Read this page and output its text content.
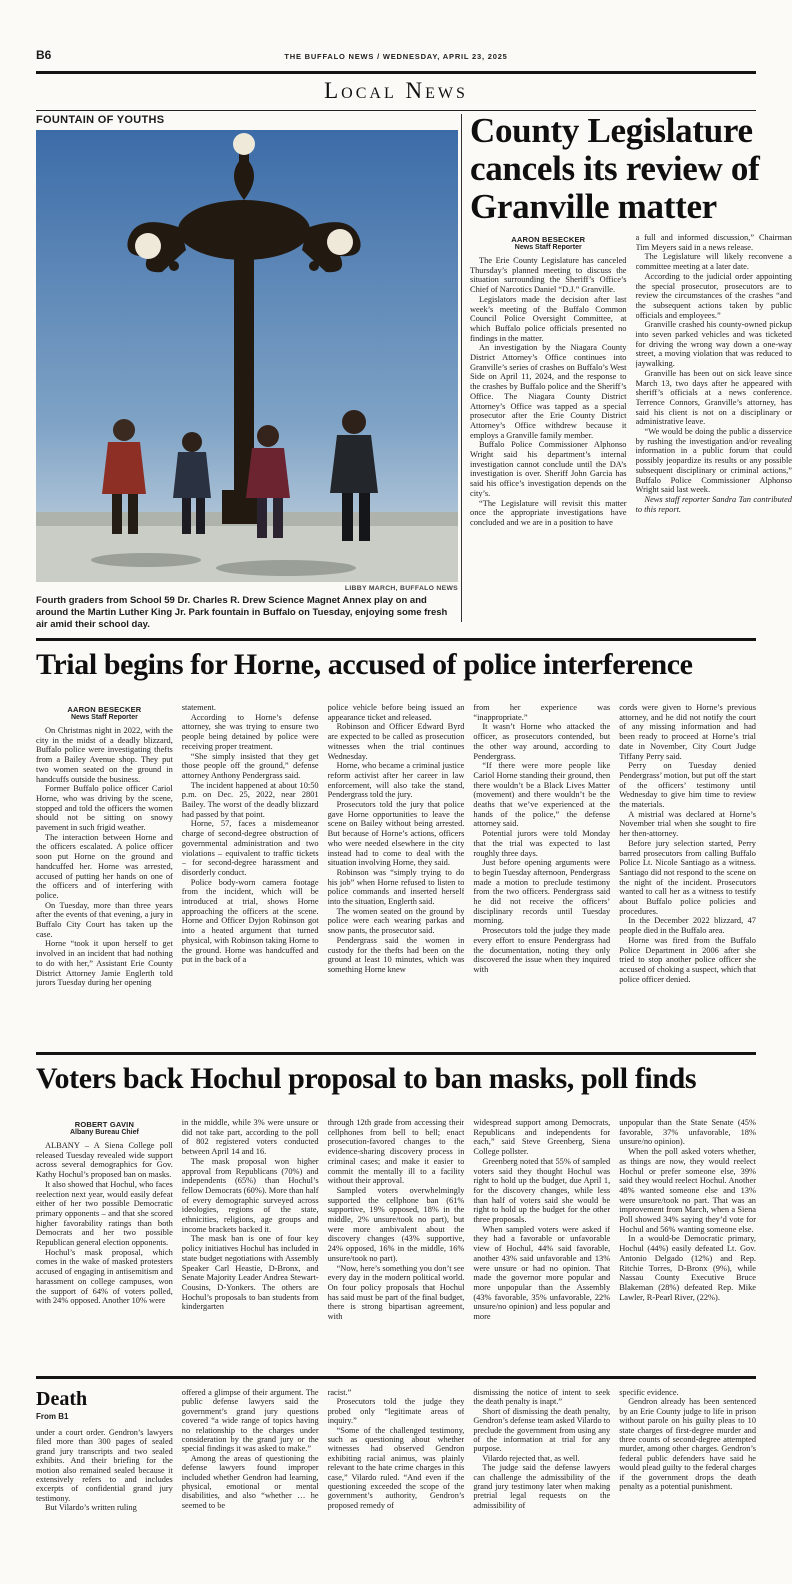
B6	THE BUFFALO NEWS / WEDNESDAY, APRIL 23, 2025
Local News
FOUNTAIN OF YOUTHS
LIBBY MARCH, BUFFALO NEWS
Fourth graders from School 59 Dr. Charles R. Drew Science Magnet Annex play on and around the Martin Luther King Jr. Park fountain in Buffalo on Tuesday, enjoying some fresh air amid their school day.
County Legislature cancels its review of Granville matter
AARON BESECKER
News Staff Reporter

The Erie County Legislature has canceled Thursday’s planned meeting to discuss the situation surrounding the Sheriff’s Office’s Chief of Narcotics Daniel “D.J.” Granville.

Legislators made the decision after last week’s meeting of the Buffalo Common Council Police Oversight Committee, at which Buffalo police officials presented no findings in the matter.

An investigation by the Niagara County District Attorney’s Office continues into Granville’s series of crashes on Buffalo’s West Side on April 11, 2024, and the response to the crashes by Buffalo police and the Sheriff’s Office. The Niagara County District Attorney’s Office was tapped as a special prosecutor after the Erie County District Attorney’s Office withdrew because it employs a Granville family member.

Buffalo Police Commissioner Alphonso Wright said his department’s internal investigation cannot conclude until the DA’s investigation is over. Sheriff John Garcia has said his office’s investigation depends on the city’s.

“The Legislature will revisit this matter once the appropriate investigations have concluded and we are in a position to have

a full and informed discussion,” Chairman Tim Meyers said in a news release.

The Legislature will likely reconvene a committee meeting at a later date.

According to the judicial order appointing the special prosecutor, prosecutors are to review the circumstances of the crashes “and the subsequent actions taken by public officials and employees.”

Granville crashed his county-owned pickup into seven parked vehicles and was ticketed for driving the wrong way down a one-way street, a moving violation that was reduced to jaywalking.

Granville has been out on sick leave since March 13, two days after he appeared with sheriff’s officials at a news conference. Terrence Connors, Granville’s attorney, has said his client is not on a disciplinary or administrative leave.

“We would be doing the public a disservice by rushing the investigation and/or revealing information in a public forum that could possibly jeopardize its results or any possible subsequent disciplinary or criminal actions,” Buffalo Police Commissioner Alphonso Wright said last week.

News staff reporter Sandra Tan contributed to this report.

Trial begins for Horne, accused of police interference
AARON BESECKER
News Staff Reporter

On Christmas night in 2022, with the city in the midst of a deadly blizzard, Buffalo police were investigating thefts from a Bailey Avenue shop. They put two women seated on the ground in handcuffs outside the business.

Former Buffalo police officer Cariol Horne, who was driving by the scene, stopped and told the officers the women should not be sitting on snowy pavement in such frigid weather.

The interaction between Horne and the officers escalated. A police officer soon put Horne on the ground and handcuffed her. Horne was arrested, accused of putting her hands on one of the officers and of interfering with police.

On Tuesday, more than three years after the events of that evening, a jury in Buffalo City Court has taken up the case.

Horne “took it upon herself to get involved in an incident that had nothing to do with her,” Assistant Erie County District Attorney Jamie Englerth told jurors Tuesday during her opening

statement.

According to Horne’s defense attorney, she was trying to ensure two people being detained by police were receiving proper treatment.

“She simply insisted that they get those people off the ground,” defense attorney Anthony Pendergrass said.

The incident happened at about 10:50 p.m. on Dec. 25, 2022, near 2801 Bailey. The worst of the deadly blizzard had passed by that point.

Horne, 57, faces a misdemeanor charge of second-degree obstruction of governmental administration and two violations – equivalent to traffic tickets – for second-degree harassment and disorderly conduct.

Police body-worn camera footage from the incident, which will be introduced at trial, shows Horne approaching the officers at the scene. Horne and Officer Dyjon Robinson got into a heated argument that turned physical, with Robinson taking Horne to the ground. Horne was handcuffed and put in the back of a

police vehicle before being issued an appearance ticket and released.

Robinson and Officer Edward Byrd are expected to be called as prosecution witnesses when the trial continues Wednesday.

Horne, who became a criminal justice reform activist after her career in law enforcement, will also take the stand, Pendergrass told the jury.

Prosecutors told the jury that police gave Horne opportunities to leave the scene on Bailey without being arrested. But because of Horne’s actions, officers who were needed elsewhere in the city instead had to come to deal with the situation involving Horne, they said.

Robinson was “simply trying to do his job” when Horne refused to listen to police commands and inserted herself into the situation, Englerth said.

The women seated on the ground by police were each wearing parkas and snow pants, the prosecutor said.

Pendergrass said the women in custody for the thefts had been on the ground at least 10 minutes, which was something Horne knew

from her experience was “inappropriate.”

It wasn’t Horne who attacked the officer, as prosecutors contended, but the other way around, according to Pendergrass.

“If there were more people like Cariol Horne standing their ground, then there wouldn’t be a Black Lives Matter (movement) and there wouldn’t be the deaths that we’ve experienced at the hands of the police,” the defense attorney said.

Potential jurors were told Monday that the trial was expected to last roughly three days.

Just before opening arguments were to begin Tuesday afternoon, Pendergrass made a motion to preclude testimony from the two officers. Pendergrass said he did not receive the officers’ disciplinary records until Tuesday morning.

Prosecutors told the judge they made every effort to ensure Pendergrass had the documentation, noting they only discovered the issue when they inquired with

cords were given to Horne’s previous attorney, and he did not notify the court of any missing information and had been ready to proceed at Horne’s trial date in November, City Court Judge Tiffany Perry said.

Perry on Tuesday denied Pendergrass’ motion, but put off the start of the officers’ testimony until Wednesday to give him time to review the materials.

A mistrial was declared at Horne’s November trial when she sought to fire her then-attorney.

Before jury selection started, Perry barred prosecutors from calling Buffalo Police Lt. Nicole Santiago as a witness. Santiago did not respond to the scene on the night of the incident. Prosecutors wanted to call her as a witness to testify about Buffalo police policies and procedures.

In the December 2022 blizzard, 47 people died in the Buffalo area.

Horne was fired from the Buffalo Police Department in 2006 after she tried to stop another police officer she accused of choking a suspect, which that police officer denied.

Voters back Hochul proposal to ban masks, poll finds
ROBERT GAVIN
Albany Bureau Chief

ALBANY – A Siena College poll released Tuesday revealed wide support across several demographics for Gov. Kathy Hochul’s proposed ban on masks.

It also showed that Hochul, who faces reelection next year, would easily defeat either of her two possible Democratic primary opponents – and that she scored higher favorability ratings than both Democrats and her two possible Republican general election opponents.

Hochul’s mask proposal, which comes in the wake of masked protesters accused of engaging in antisemitism and harassment on college campuses, won the support of 64% of voters polled, with 24% opposed. Another 10% were

in the middle, while 3% were unsure or did not take part, according to the poll of 802 registered voters conducted between April 14 and 16.

The mask proposal won higher approval from Republicans (70%) and independents (65%) than Hochul’s fellow Democrats (60%). More than half of every demographic surveyed across ideologies, regions of the state, ethnicities, religions, age groups and income brackets backed it.

The mask ban is one of four key policy initiatives Hochul has included in state budget negotiations with Assembly Speaker Carl Heastie, D-Bronx, and Senate Majority Leader Andrea Stewart-Cousins, D-Yonkers. The others are Hochul’s proposals to ban students from kindergarten

through 12th grade from accessing their cellphones from bell to bell; enact prosecution-favored changes to the evidence-sharing discovery process in criminal cases; and make it easier to commit the mentally ill to a facility without their approval.

Sampled voters overwhelmingly supported the cellphone ban (61% supportive, 19% opposed, 18% in the middle, 2% unsure/took no part), but were more ambivalent about the discovery changes (43% supportive, 24% opposed, 16% in the middle, 16% unsure/took no part).

“Now, here’s something you don’t see every day in the modern political world. On four policy proposals that Hochul has said must be part of the final budget, there is strong bipartisan agreement, with

widespread support among Democrats, Republicans and independents for each,” said Steve Greenberg, Siena College pollster.

Greenberg noted that 55% of sampled voters said they thought Hochul was right to hold up the budget, due April 1, for the discovery changes, while less than half of voters said she would be right to hold up the budget for the other three proposals.

When sampled voters were asked if they had a favorable or unfavorable view of Hochul, 44% said favorable, another 43% said unfavorable and 13% were unsure or had no opinion. That made the governor more popular and more unpopular than the Assembly (43% favorable, 35% unfavorable, 22% unsure/no opinion) and less popular and more

unpopular than the State Senate (45% favorable, 37% unfavorable, 18% unsure/no opinion).

When the poll asked voters whether, as things are now, they would reelect Hochul or prefer someone else, 39% said they would reelect Hochul. Another 48% wanted someone else and 13% were unsure/took no part. That was an improvement from March, when a Siena Poll showed 34% saying they’d vote for Hochul and 56% wanting someone else.

In a would-be Democratic primary, Hochul (44%) easily defeated Lt. Gov. Antonio Delgado (12%) and Rep. Ritchie Torres, D-Bronx (9%), while Nassau County Executive Bruce Blakeman (28%) defeated Rep. Mike Lawler, R-Pearl River, (22%).

Death
From B1

under a court order. Gendron’s lawyers filed more than 300 pages of sealed grand jury transcripts and two sealed exhibits. And their briefing for the motion also remained sealed because it extensively refers to and includes excerpts of confidential grand jury testimony.

But Vilardo’s written ruling

offered a glimpse of their argument. The public defense lawyers said the government’s grand jury questions covered “a wide range of topics having no relationship to the charges under consideration by the grand jury or the special findings it was asked to make.”

Among the areas of questioning the defense lawyers found improper included whether Gendron had learning, physical, emotional or mental disabilities, and also “whether … he seemed to be

racist.”

Prosecutors told the judge they probed only “legitimate areas of inquiry.”

“Some of the challenged testimony, such as questioning about whether witnesses had observed Gendron exhibiting racial animus, was plainly relevant to the hate crime charges in this case,” Vilardo ruled. “And even if the questioning exceeded the scope of the government’s authority, Gendron’s proposed remedy of

dismissing the notice of intent to seek the death penalty is inapt.”

Short of dismissing the death penalty, Gendron’s defense team asked Vilardo to preclude the government from using any of the information at trial for any purpose.

Vilardo rejected that, as well.

The judge said the defense lawyers can challenge the admissibility of the grand jury testimony later when making pretrial legal requests on the admissibility of

specific evidence.

Gendron already has been sentenced by an Erie County judge to life in prison without parole on his guilty pleas to 10 state charges of first-degree murder and three counts of second-degree attempted murder, among other charges. Gendron’s federal public defenders have said he would plead guilty to the federal charges if the government drops the death penalty as a potential punishment.
